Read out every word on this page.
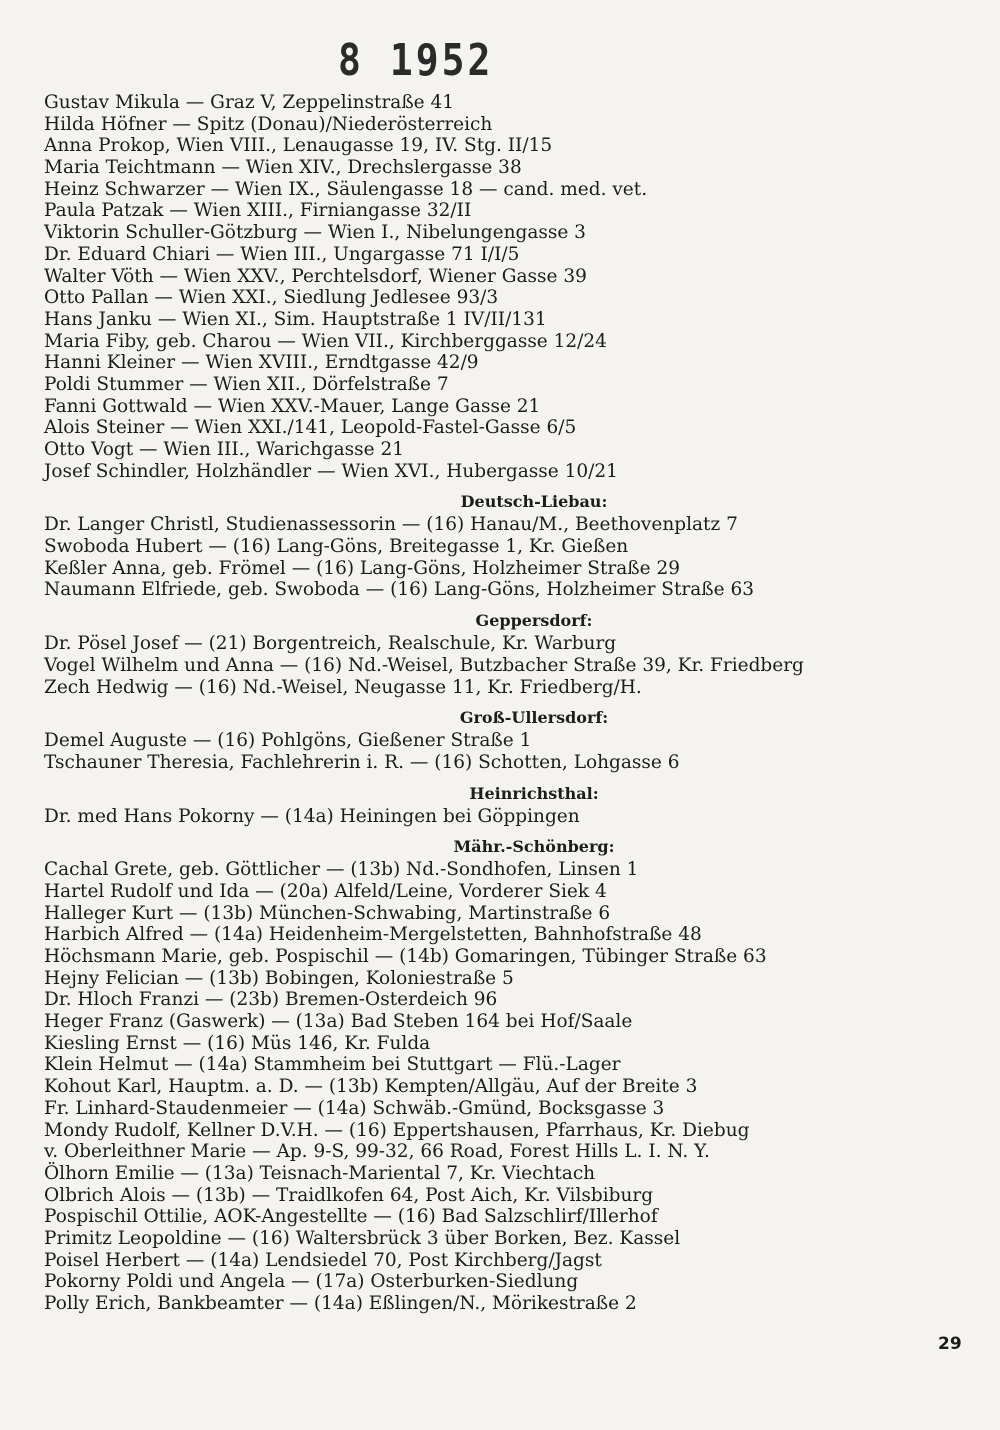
8 1952
Gustav Mikula — Graz V, Zeppelinstraße 41
Hilda Höfner — Spitz (Donau)/Niederösterreich
Anna Prokop, Wien VIII., Lenaugasse 19, IV. Stg. II/15
Maria Teichtmann — Wien XIV., Drechslergasse 38
Heinz Schwarzer — Wien IX., Säulengasse 18 — cand. med. vet.
Paula Patzak — Wien XIII., Firniangasse 32/II
Viktorin Schuller-Götzburg — Wien I., Nibelungengasse 3
Dr. Eduard Chiari — Wien III., Ungargasse 71 I/I/5
Walter Vöth — Wien XXV., Perchtelsdorf, Wiener Gasse 39
Otto Pallan — Wien XXI., Siedlung Jedlesee 93/3
Hans Janku — Wien XI., Sim. Hauptstraße 1 IV/II/131
Maria Fiby, geb. Charou — Wien VII., Kirchberggasse 12/24
Hanni Kleiner — Wien XVIII., Erndtgasse 42/9
Poldi Stummer — Wien XII., Dörfelstraße 7
Fanni Gottwald — Wien XXV.-Mauer, Lange Gasse 21
Alois Steiner — Wien XXI./141, Leopold-Fastel-Gasse 6/5
Otto Vogt — Wien III., Warichgasse 21
Josef Schindler, Holzhändler — Wien XVI., Hubergasse 10/21
Deutsch-Liebau:
Dr. Langer Christl, Studienassessorin — (16) Hanau/M., Beethovenplatz 7
Swoboda Hubert — (16) Lang-Göns, Breitegasse 1, Kr. Gießen
Keßler Anna, geb. Frömel — (16) Lang-Göns, Holzheimer Straße 29
Naumann Elfriede, geb. Swoboda — (16) Lang-Göns, Holzheimer Straße 63
Geppersdorf:
Dr. Pösel Josef — (21) Borgentreich, Realschule, Kr. Warburg
Vogel Wilhelm und Anna — (16) Nd.-Weisel, Butzbacher Straße 39, Kr. Friedberg
Zech Hedwig — (16) Nd.-Weisel, Neugasse 11, Kr. Friedberg/H.
Groß-Ullersdorf:
Demel Auguste — (16) Pohlgöns, Gießener Straße 1
Tschauner Theresia, Fachlehrerin i. R. — (16) Schotten, Lohgasse 6
Heinrichsthal:
Dr. med Hans Pokorny — (14a) Heiningen bei Göppingen
Mähr.-Schönberg:
Cachal Grete, geb. Göttlicher — (13b) Nd.-Sondhofen, Linsen 1
Hartel Rudolf und Ida — (20a) Alfeld/Leine, Vorderer Siek 4
Halleger Kurt — (13b) München-Schwabing, Martinstraße 6
Harbich Alfred — (14a) Heidenheim-Mergelstetten, Bahnhofstraße 48
Höchsmann Marie, geb. Pospischil — (14b) Gomaringen, Tübinger Straße 63
Hejny Felician — (13b) Bobingen, Koloniestraße 5
Dr. Hloch Franzi — (23b) Bremen-Osterdeich 96
Heger Franz (Gaswerk) — (13a) Bad Steben 164 bei Hof/Saale
Kiesling Ernst — (16) Müs 146, Kr. Fulda
Klein Helmut — (14a) Stammheim bei Stuttgart — Flü.-Lager
Kohout Karl, Hauptm. a. D. — (13b) Kempten/Allgäu, Auf der Breite 3
Fr. Linhard-Staudenmeier — (14a) Schwäb.-Gmünd, Bocksgasse 3
Mondy Rudolf, Kellner D.V.H. — (16) Eppertshausen, Pfarrhaus, Kr. Diebug
v. Oberleithner Marie — Ap. 9-S, 99-32, 66 Road, Forest Hills L. I. N. Y.
Ölhorn Emilie — (13a) Teisnach-Mariental 7, Kr. Viechtach
Olbrich Alois — (13b) — Traidlkofen 64, Post Aich, Kr. Vilsbiburg
Pospischil Ottilie, AOK-Angestellte — (16) Bad Salzschlirf/Illerhof
Primitz Leopoldine — (16) Waltersbrück 3 über Borken, Bez. Kassel
Poisel Herbert — (14a) Lendsiedel 70, Post Kirchberg/Jagst
Pokorny Poldi und Angela — (17a) Osterburken-Siedlung
Polly Erich, Bankbeamter — (14a) Eßlingen/N., Mörikestraße 2
29
